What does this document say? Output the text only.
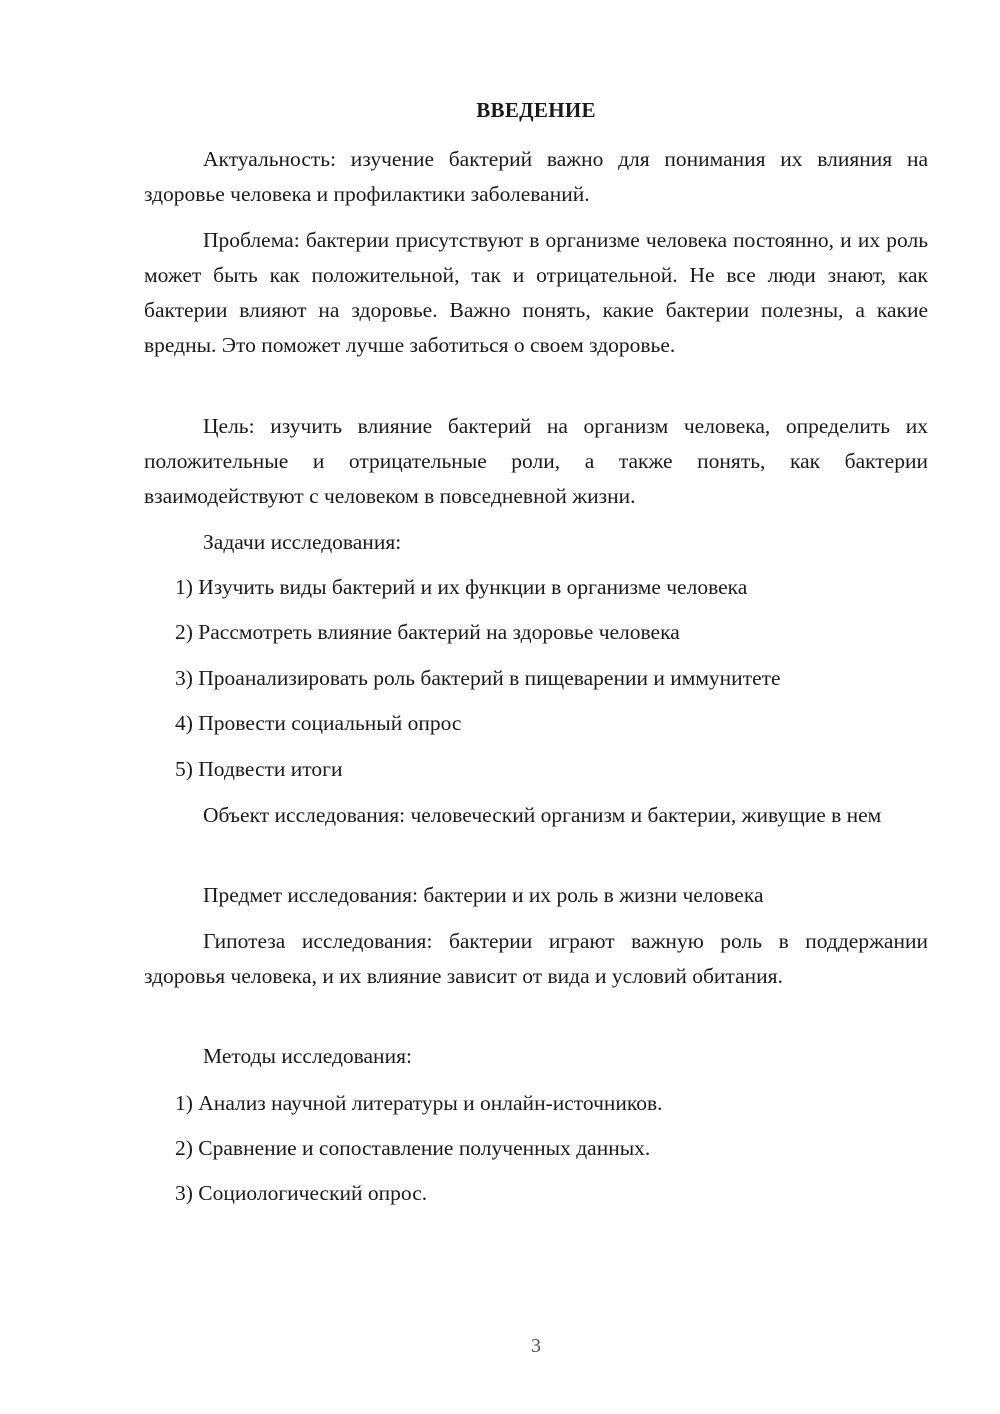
ВВЕДЕНИЕ

Актуальность: изучение бактерий важно для понимания их влияния на здоровье человека и профилактики заболеваний.

Проблема: бактерии присутствуют в организме человека постоянно, и их роль может быть как положительной, так и отрицательной. Не все люди знают, как бактерии влияют на здоровье. Важно понять, какие бактерии полезны, а какие вредны. Это поможет лучше заботиться о своем здоровье.

Цель: изучить влияние бактерий на организм человека, определить их положительные и отрицательные роли, а также понять, как бактерии взаимодействуют с человеком в повседневной жизни.

Задачи исследования:

1) Изучить виды бактерий и их функции в организме человека

2) Рассмотреть влияние бактерий на здоровье человека

3) Проанализировать роль бактерий в пищеварении и иммунитете

4) Провести социальный опрос

5) Подвести итоги

Объект исследования: человеческий организм и бактерии, живущие в нем

Предмет исследования: бактерии и их роль в жизни человека

Гипотеза исследования: бактерии играют важную роль в поддержании здоровья человека, и их влияние зависит от вида и условий обитания.

Методы исследования:

1) Анализ научной литературы и онлайн-источников.

2) Сравнение и сопоставление полученных данных.

3) Социологический опрос.

3
